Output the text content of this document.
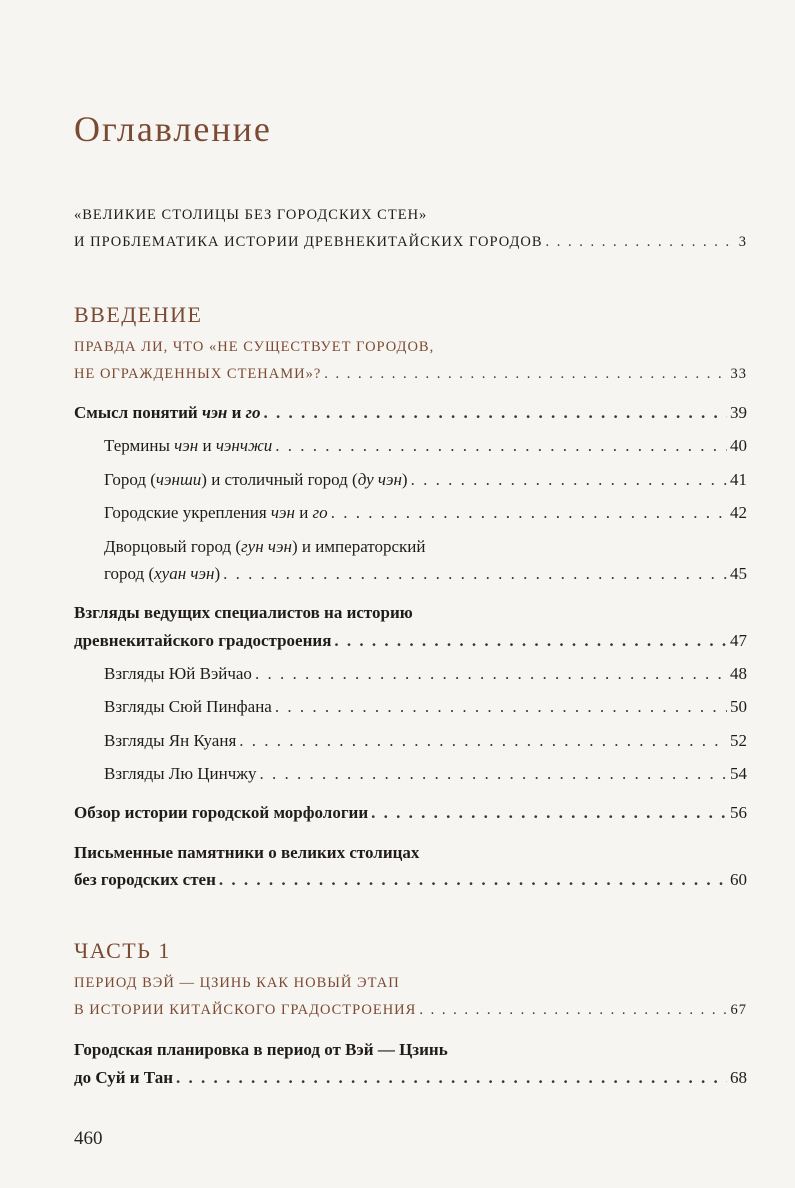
Оглавление
«ВЕЛИКИЕ СТОЛИЦЫ БЕЗ ГОРОДСКИХ СТЕН»
И ПРОБЛЕМАТИКА ИСТОРИИ ДРЕВНЕКИТАЙСКИХ ГОРОДОВ . . .	3
ВВЕДЕНИЕ
ПРАВДА ЛИ, ЧТО «НЕ СУЩЕСТВУЕТ ГОРОДОВ,
НЕ ОГРАЖДЕННЫХ СТЕНАМИ»? . . .	33
Смысл понятий чэн и го . . .	39
Термины чэн и чэнчжи . . .	40
Город (чэнши) и столичный город (ду чэн) . . .	41
Городские укрепления чэн и го . . .	42
Дворцовый город (гун чэн) и императорский
город (хуан чэн) . . .	45
Взгляды ведущих специалистов на историю
древнекитайского градостроения . . .	47
Взгляды Юй Вэйчао . . .	48
Взгляды Сюй Пинфана . . .	50
Взгляды Ян Куаня . . .	52
Взгляды Лю Цинчжу . . .	54
Обзор истории городской морфологии . . .	56
Письменные памятники о великих столицах
без городских стен . . .	60
ЧАСТЬ 1
ПЕРИОД ВЭЙ — ЦЗИНЬ КАК НОВЫЙ ЭТАП
В ИСТОРИИ КИТАЙСКОГО ГРАДОСТРОЕНИЯ . . .	67
Городская планировка в период от Вэй — Цзинь
до Суй и Тан . . .	68
460
